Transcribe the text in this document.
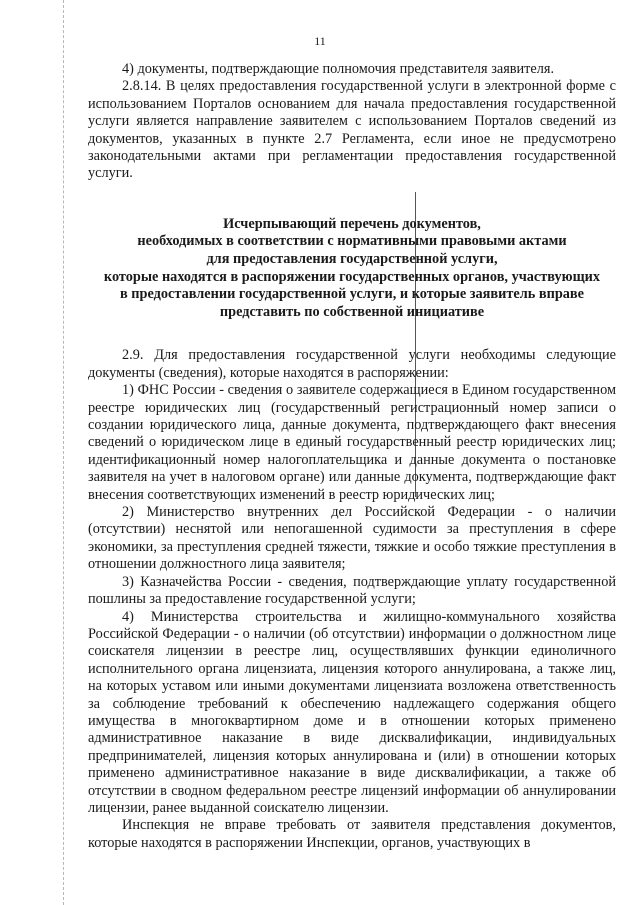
11

4) документы, подтверждающие полномочия представителя заявителя.

2.8.14. В целях предоставления государственной услуги в электронной форме с использованием Порталов основанием для начала предоставления государственной услуги является направление заявителем с использованием Порталов сведений из документов, указанных в пункте 2.7 Регламента, если иное не предусмотрено законодательными актами при регламентации предоставления государственной услуги.

Исчерпывающий перечень документов,
необходимых в соответствии с нормативными правовыми актами
для предоставления государственной услуги,
которые находятся в распоряжении государственных органов, участвующих
в предоставлении государственной услуги, и которые заявитель вправе
представить по собственной инициативе

2.9. Для предоставления государственной услуги необходимы следующие документы (сведения), которые находятся в распоряжении:

1) ФНС России - сведения о заявителе содержащиеся в Едином государственном реестре юридических лиц (государственный регистрационный номер записи о создании юридического лица, данные документа, подтверждающего факт внесения сведений о юридическом лице в единый государственный реестр юридических лиц; идентификационный номер налогоплательщика и данные документа о постановке заявителя на учет в налоговом органе) или данные документа, подтверждающие факт внесения соответствующих изменений в реестр юридических лиц;

2) Министерство внутренних дел Российской Федерации - о наличии (отсутствии) неснятой или непогашенной судимости за преступления в сфере экономики, за преступления средней тяжести, тяжкие и особо тяжкие преступления в отношении должностного лица заявителя;

3) Казначейства России - сведения, подтверждающие уплату государственной пошлины за предоставление государственной услуги;

4) Министерства строительства и жилищно-коммунального хозяйства Российской Федерации - о наличии (об отсутствии) информации о должностном лице соискателя лицензии в реестре лиц, осуществлявших функции единоличного исполнительного органа лицензиата, лицензия которого аннулирована, а также лиц, на которых уставом или иными документами лицензиата возложена ответственность за соблюдение требований к обеспечению надлежащего содержания общего имущества в многоквартирном доме и в отношении которых применено административное наказание в виде дисквалификации, индивидуальных предпринимателей, лицензия которых аннулирована и (или) в отношении которых применено административное наказание в виде дисквалификации, а также об отсутствии в сводном федеральном реестре лицензий информации об аннулировании лицензии, ранее выданной соискателю лицензии.

Инспекция не вправе требовать от заявителя представления документов, которые находятся в распоряжении Инспекции, органов, участвующих в
